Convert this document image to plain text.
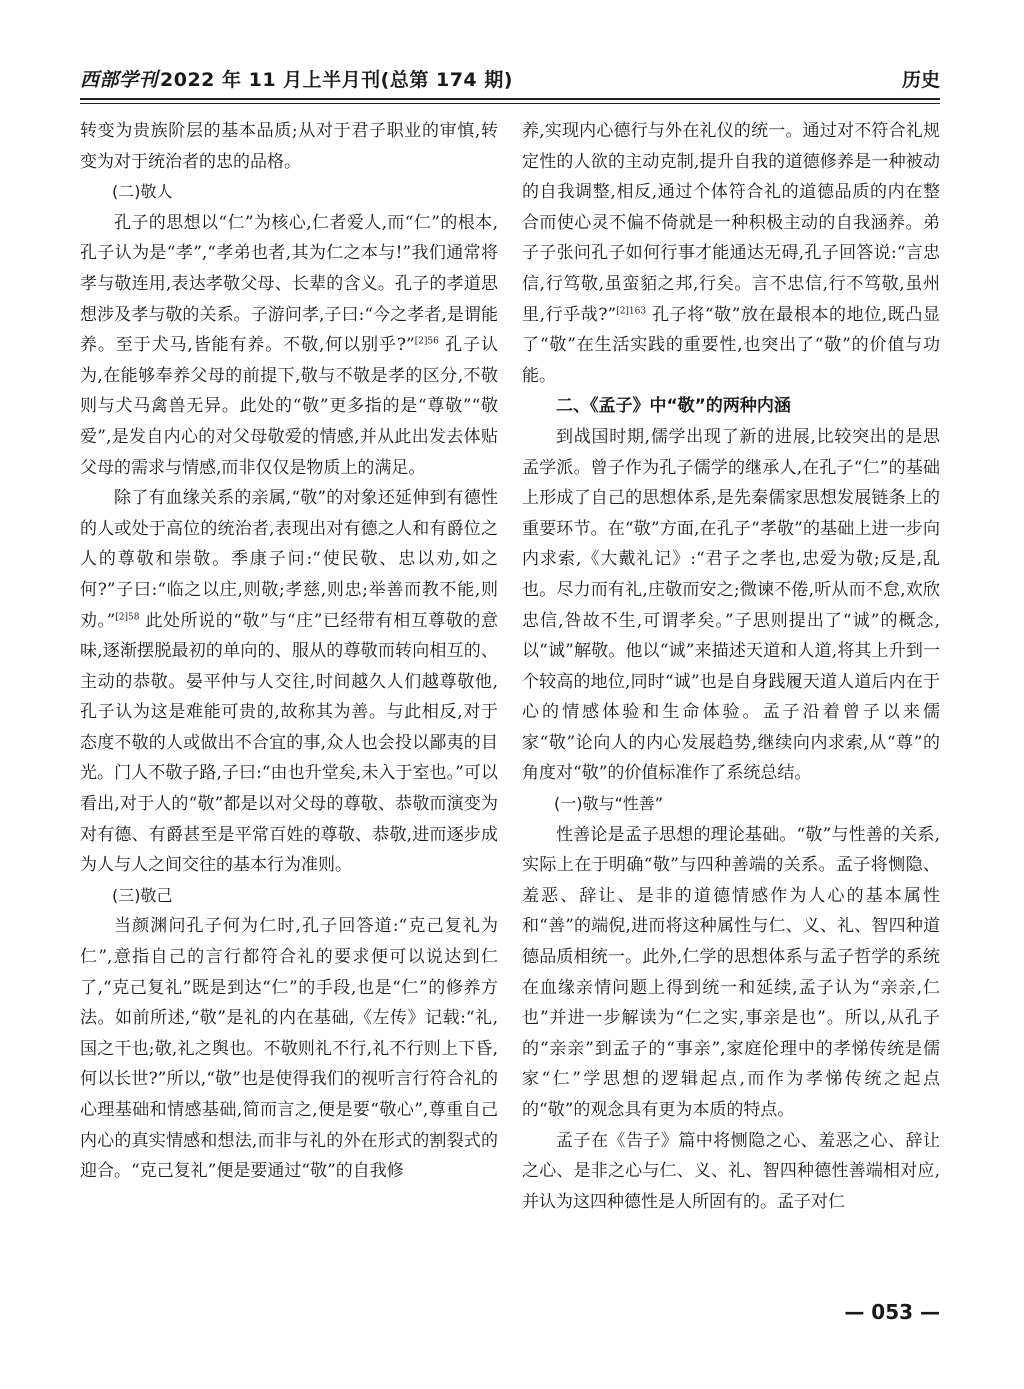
西部学刊 2022 年 11 月上半月刊(总第 174 期)	历史

转变为贵族阶层的基本品质;从对于君子职业的审慎,转变为对于统治者的忠的品格。

(二)敬人

孔子的思想以“仁”为核心,仁者爱人,而“仁”的根本,孔子认为是“孝”,“孝弟也者,其为仁之本与!”我们通常将孝与敬连用,表达孝敬父母、长辈的含义。孔子的孝道思想涉及孝与敬的关系。子游问孝,子曰:“今之孝者,是谓能养。至于犬马,皆能有养。不敬,何以别乎?”$^{[2]56}$ 孔子认为,在能够奉养父母的前提下,敬与不敬是孝的区分,不敬则与犬马禽兽无异。此处的“敬”更多指的是“尊敬”“敬爱”,是发自内心的对父母敬爱的情感,并从此出发去体贴父母的需求与情感,而非仅仅是物质上的满足。

除了有血缘关系的亲属,“敬”的对象还延伸到有德性的人或处于高位的统治者,表现出对有德之人和有爵位之人的尊敬和崇敬。季康子问:“使民敬、忠以劝,如之何?”子曰:“临之以庄,则敬;孝慈,则忠;举善而教不能,则劝。”$^{[2]58}$ 此处所说的“敬”与“庄”已经带有相互尊敬的意味,逐渐摆脱最初的单向的、服从的尊敬而转向相互的、主动的恭敬。晏平仲与人交往,时间越久人们越尊敬他,孔子认为这是难能可贵的,故称其为善。与此相反,对于态度不敬的人或做出不合宜的事,众人也会投以鄙夷的目光。门人不敬子路,子曰:“由也升堂矣,未入于室也。”可以看出,对于人的“敬”都是以对父母的尊敬、恭敬而演变为对有德、有爵甚至是平常百姓的尊敬、恭敬,进而逐步成为人与人之间交往的基本行为准则。

(三)敬己

当颜渊问孔子何为仁时,孔子回答道:“克己复礼为仁”,意指自己的言行都符合礼的要求便可以说达到仁了,“克己复礼”既是到达“仁”的手段,也是“仁”的修养方法。如前所述,“敬”是礼的内在基础,《左传》记载:“礼,国之干也;敬,礼之舆也。不敬则礼不行,礼不行则上下昏,何以长世?”所以,“敬”也是使得我们的视听言行符合礼的心理基础和情感基础,简而言之,便是要“敬心”,尊重自己内心的真实情感和想法,而非与礼的外在形式的割裂式的迎合。“克己复礼”便是要通过“敬”的自我修

养,实现内心德行与外在礼仪的统一。通过对不符合礼规定性的人欲的主动克制,提升自我的道德修养是一种被动的自我调整,相反,通过个体符合礼的道德品质的内在整合而使心灵不偏不倚就是一种积极主动的自我涵养。弟子子张问孔子如何行事才能通达无碍,孔子回答说:“言忠信,行笃敬,虽蛮貊之邦,行矣。言不忠信,行不笃敬,虽州里,行乎哉?”$^{[2]163}$ 孔子将“敬”放在最根本的地位,既凸显了“敬”在生活实践的重要性,也突出了“敬”的价值与功能。

二、《孟子》中“敬”的两种内涵

到战国时期,儒学出现了新的进展,比较突出的是思孟学派。曾子作为孔子儒学的继承人,在孔子“仁”的基础上形成了自己的思想体系,是先秦儒家思想发展链条上的重要环节。在“敬”方面,在孔子“孝敬”的基础上进一步向内求索,《大戴礼记》:“君子之孝也,忠爱为敬;反是,乱也。尽力而有礼,庄敬而安之;微谏不倦,听从而不怠,欢欣忠信,咎故不生,可谓孝矣。”子思则提出了“诚”的概念,以“诚”解敬。他以“诚”来描述天道和人道,将其上升到一个较高的地位,同时“诚”也是自身践履天道人道后内在于心的情感体验和生命体验。孟子沿着曾子以来儒家“敬”论向人的内心发展趋势,继续向内求索,从“尊”的角度对“敬”的价值标准作了系统总结。

(一)敬与“性善”

性善论是孟子思想的理论基础。“敬”与性善的关系,实际上在于明确“敬”与四种善端的关系。孟子将恻隐、羞恶、辞让、是非的道德情感作为人心的基本属性和“善”的端倪,进而将这种属性与仁、义、礼、智四种道德品质相统一。此外,仁学的思想体系与孟子哲学的系统在血缘亲情问题上得到统一和延续,孟子认为“亲亲,仁也”并进一步解读为“仁之实,事亲是也”。所以,从孔子的“亲亲”到孟子的“事亲”,家庭伦理中的孝悌传统是儒家“仁”学思想的逻辑起点,而作为孝悌传统之起点的“敬”的观念具有更为本质的特点。

孟子在《告子》篇中将恻隐之心、羞恶之心、辞让之心、是非之心与仁、义、礼、智四种德性善端相对应,并认为这四种德性是人所固有的。孟子对仁

— 053 —
